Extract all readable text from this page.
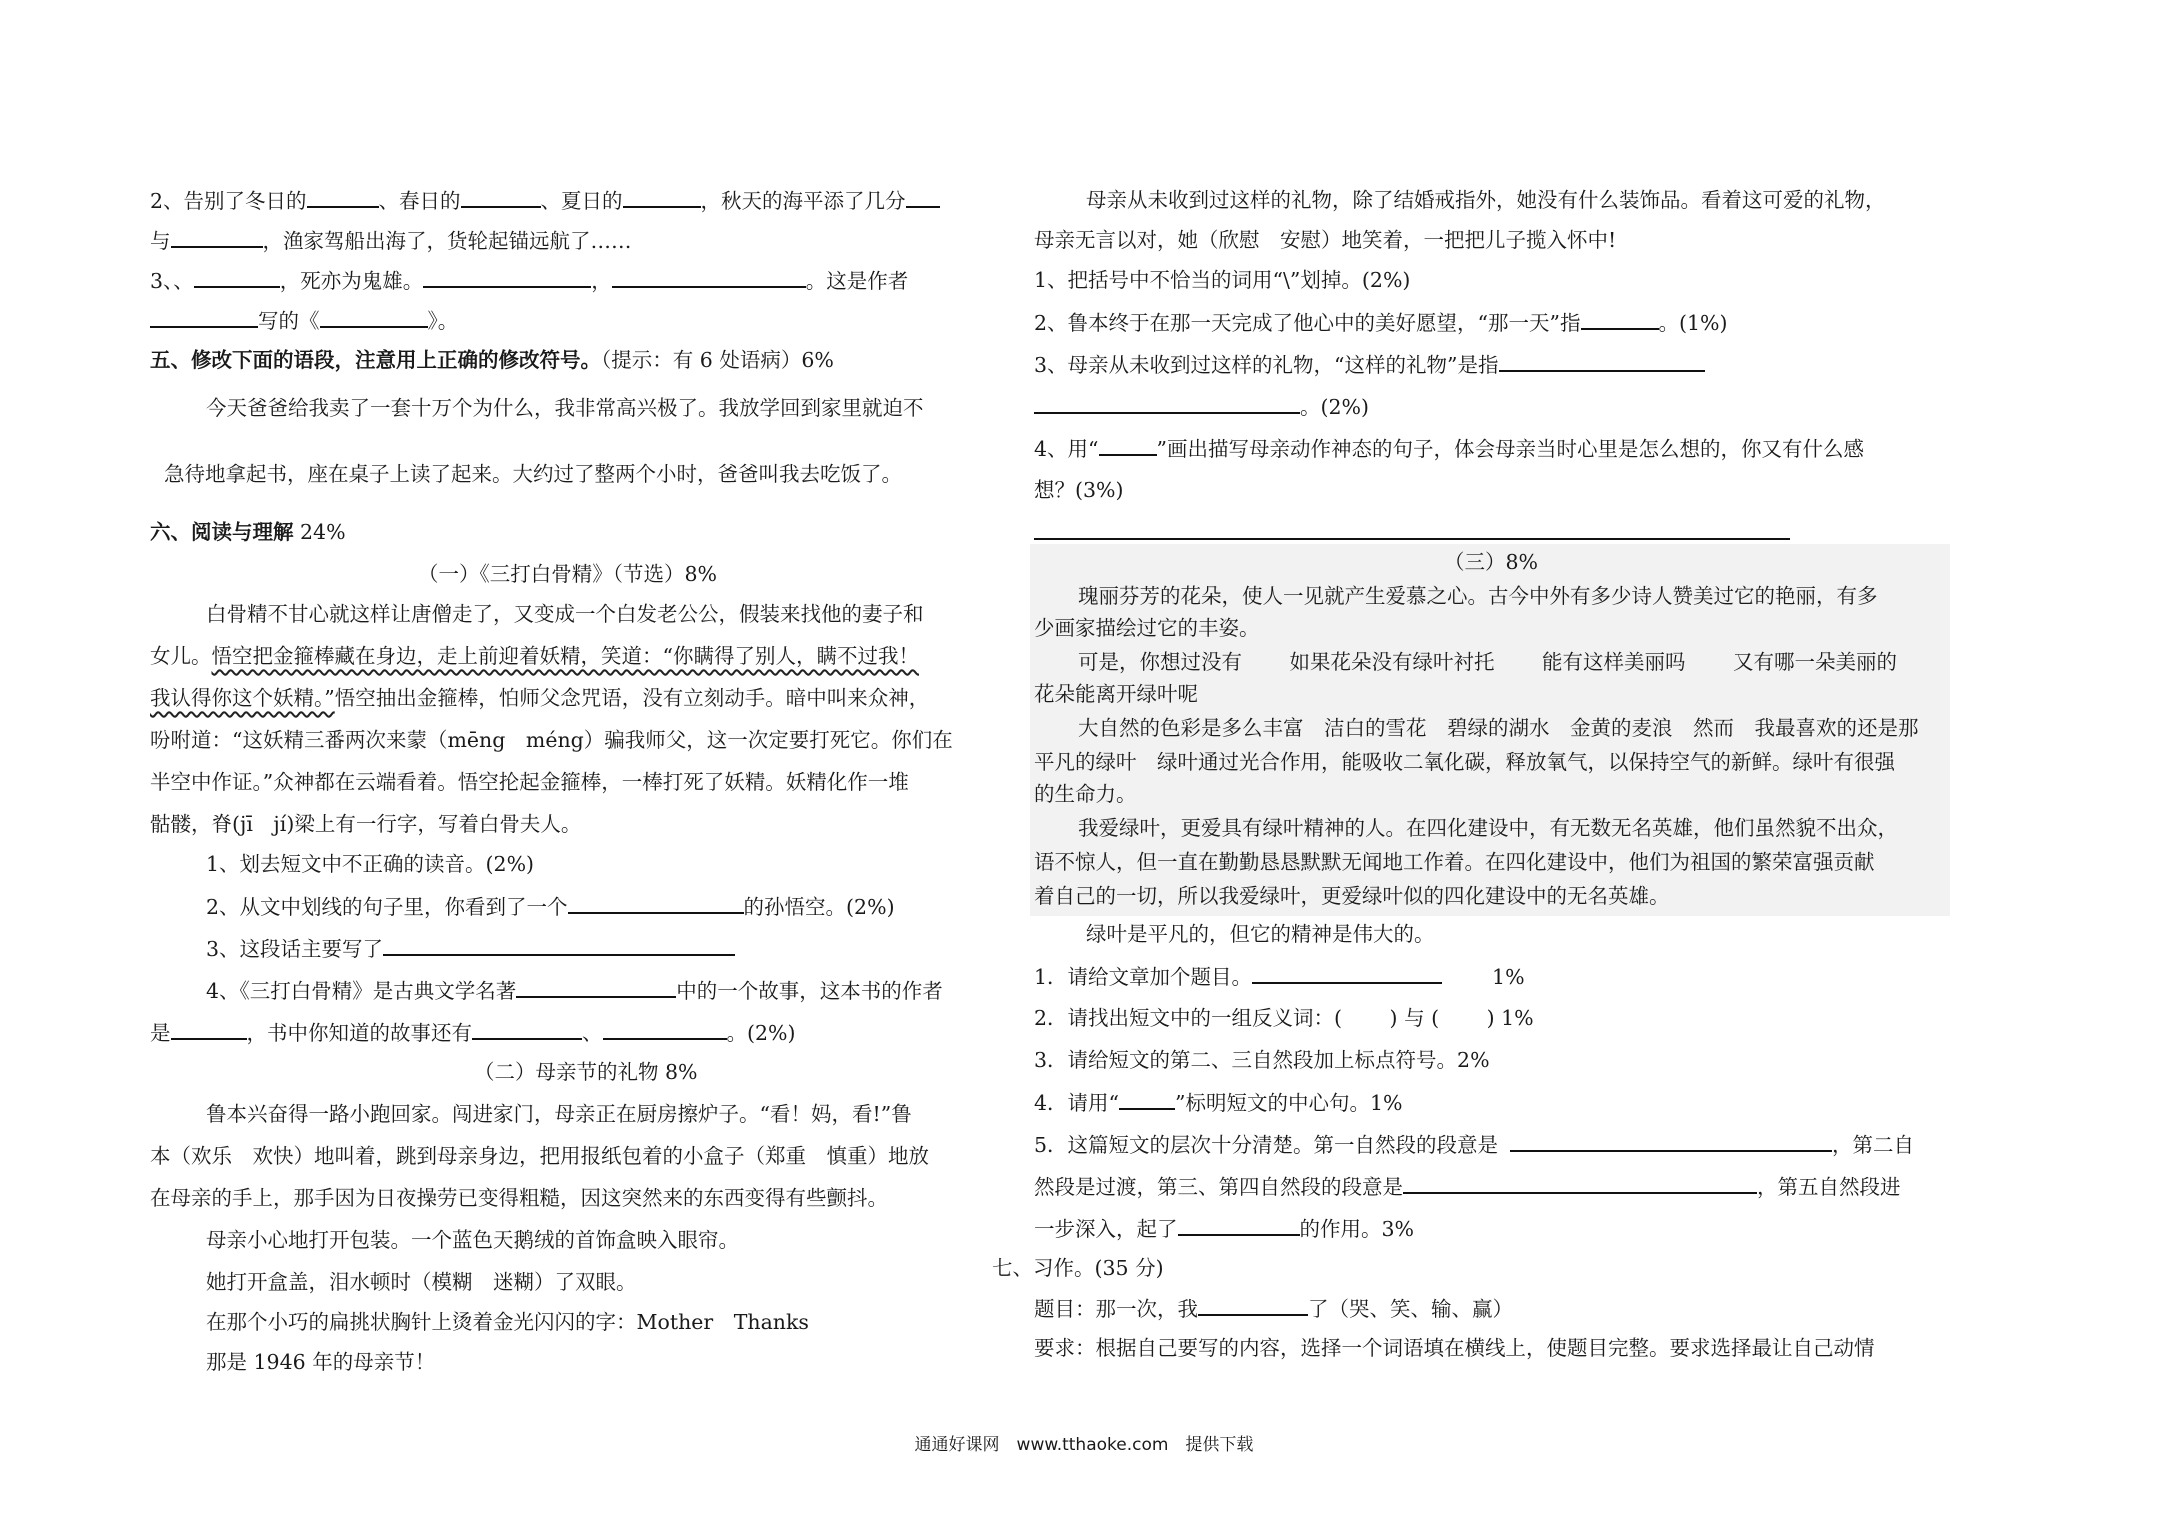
2、告别了冬日的	、春日的	、夏日的	，秋天的海平添了几分
与	，渔家驾船出海了，货轮起锚远航了……
3、、	，死亦为鬼雄。	，	。这是作者
写的《	》。
五、修改下面的语段，注意用上正确的修改符号。（提示：有 6 处语病）6%
今天爸爸给我卖了一套十万个为什么，我非常高兴极了。我放学回到家里就迫不
急待地拿起书，座在桌子上读了起来。大约过了整两个小时，爸爸叫我去吃饭了。
六、阅读与理解 24%
（一）《三打白骨精》（节选）8%
白骨精不甘心就这样让唐僧走了，又变成一个白发老公公，假装来找他的妻子和
女儿。悟空把金箍棒藏在身边，走上前迎着妖精，笑道：“你瞒得了别人，瞒不过我！
我认得你这个妖精。”悟空抽出金箍棒，怕师父念咒语，没有立刻动手。暗中叫来众神，
吩咐道：“这妖精三番两次来蒙（mēng　méng）骗我师父，这一次定要打死它。你们在
半空中作证。”众神都在云端看着。悟空抡起金箍棒，一棒打死了妖精。妖精化作一堆
骷髅，脊(jī　jí)梁上有一行字，写着白骨夫人。
1、划去短文中不正确的读音。(2%)
2、从文中划线的句子里，你看到了一个	的孙悟空。(2%)
3、这段话主要写了
4、《三打白骨精》是古典文学名著	中的一个故事，这本书的作者
是	，书中你知道的故事还有	、	。(2%)
（二）母亲节的礼物 8%
鲁本兴奋得一路小跑回家。闯进家门，母亲正在厨房擦炉子。“看！妈，看!”鲁
本（欢乐　欢快）地叫着，跳到母亲身边，把用报纸包着的小盒子（郑重　慎重）地放
在母亲的手上，那手因为日夜操劳已变得粗糙，因这突然来的东西变得有些颤抖。
母亲小心地打开包装。一个蓝色天鹅绒的首饰盒映入眼帘。
她打开盒盖，泪水顿时（模糊　迷糊）了双眼。
在那个小巧的扁挑状胸针上烫着金光闪闪的字：Mother　Thanks
那是 1946 年的母亲节！
母亲从未收到过这样的礼物，除了结婚戒指外，她没有什么装饰品。看着这可爱的礼物，
母亲无言以对，她（欣慰　安慰）地笑着，一把把儿子揽入怀中!
1、把括号中不恰当的词用“\”划掉。(2%)
2、鲁本终于在那一天完成了他心中的美好愿望，“那一天”指	。(1%)
3、母亲从未收到过这样的礼物，“这样的礼物”是指
。(2%)
4、用“	”画出描写母亲动作神态的句子，体会母亲当时心里是怎么想的，你又有什么感
想？(3%)
（三）8%
瑰丽芬芳的花朵，使人一见就产生爱慕之心。古今中外有多少诗人赞美过它的艳丽，有多
少画家描绘过它的丰姿。
可是，你想过没有　　 如果花朵没有绿叶衬托　　 能有这样美丽吗　　 又有哪一朵美丽的
花朵能离开绿叶呢
大自然的色彩是多么丰富　洁白的雪花　碧绿的湖水　金黄的麦浪　然而　我最喜欢的还是那
平凡的绿叶　绿叶通过光合作用，能吸收二氧化碳，释放氧气，以保持空气的新鲜。绿叶有很强
的生命力。
我爱绿叶，更爱具有绿叶精神的人。在四化建设中，有无数无名英雄，他们虽然貌不出众，
语不惊人，但一直在勤勤恳恳默默无闻地工作着。在四化建设中，他们为祖国的繁荣富强贡献
着自己的一切，所以我爱绿叶，更爱绿叶似的四化建设中的无名英雄。
绿叶是平凡的，但它的精神是伟大的。
1．请给文章加个题目。	1%
2．请找出短文中的一组反义词：(　　 ) 与 (　　 ) 1%
3．请给短文的第二、三自然段加上标点符号。2%
4．请用“	”标明短文的中心句。1%
5．这篇短文的层次十分清楚。第一自然段的段意是	，第二自
然段是过渡，第三、第四自然段的段意是	，第五自然段进
一步深入，起了	的作用。3%
七、习作。(35 分)
题目：那一次，我	了（哭、笑、输、赢）
要求：根据自己要写的内容，选择一个词语填在横线上，使题目完整。要求选择最让自己动情
通通好课网　www.tthaoke.com　提供下载
